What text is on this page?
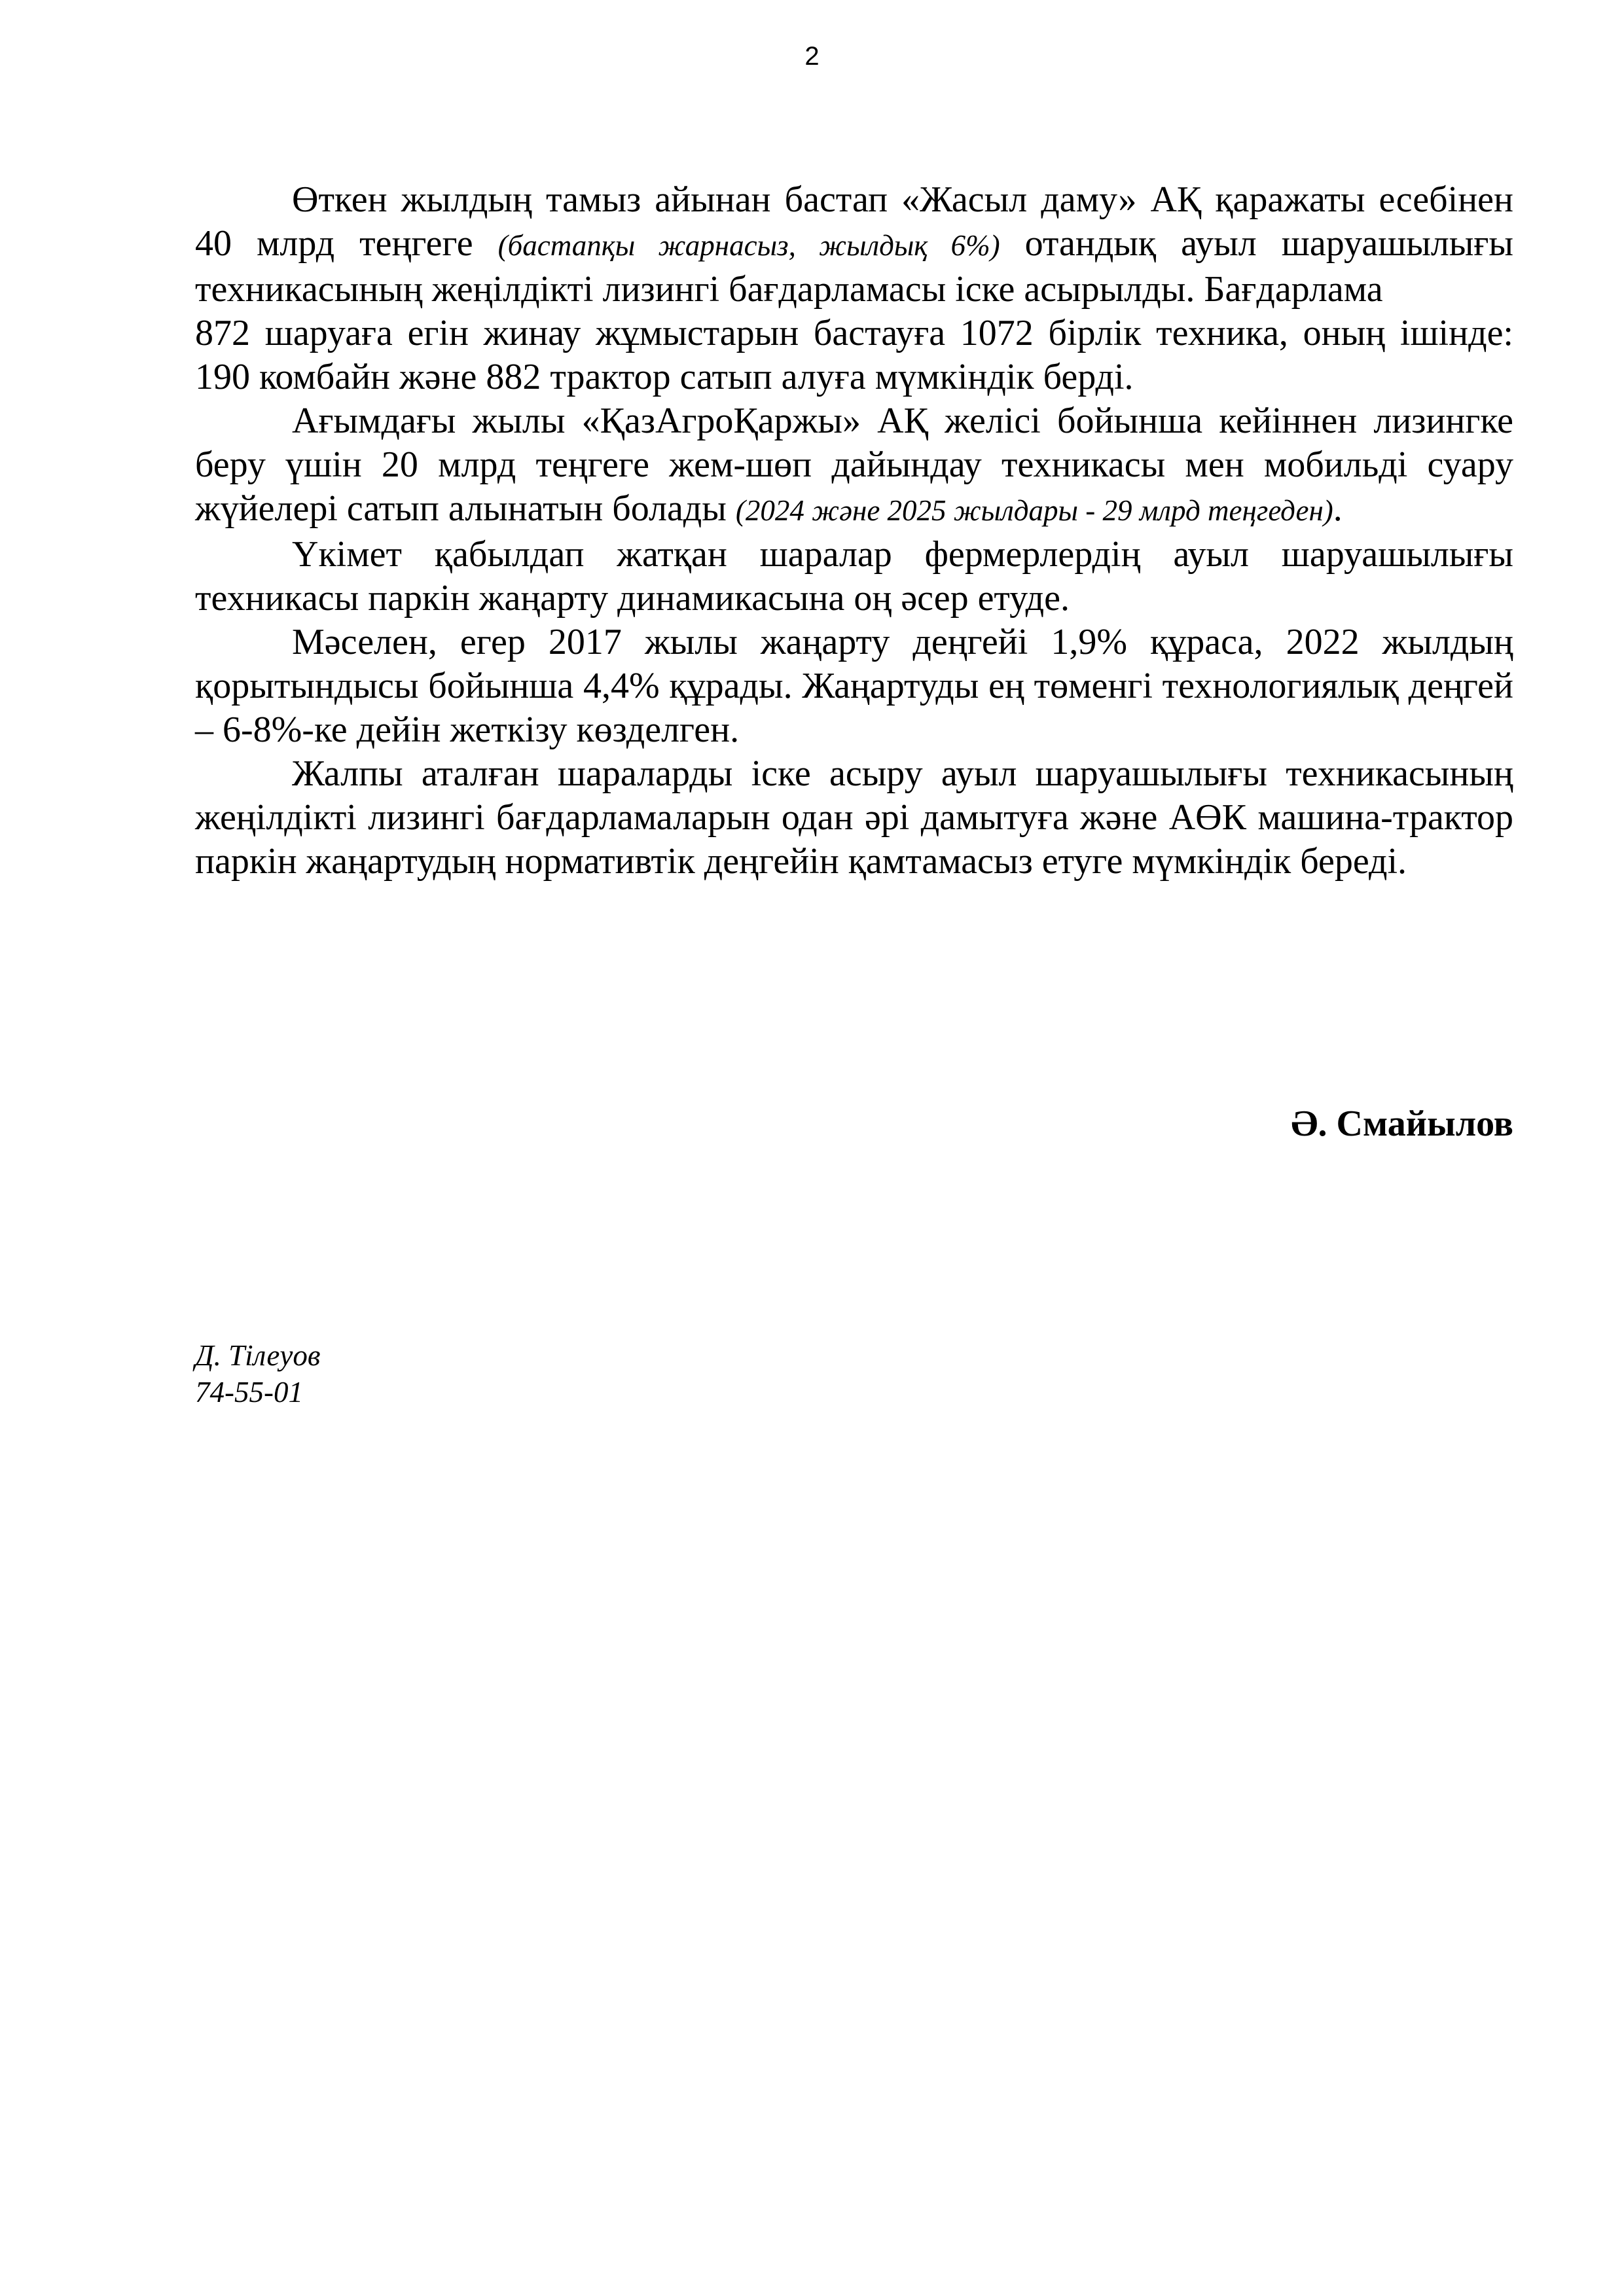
2

Өткен жылдың тамыз айынан бастап «Жасыл даму» АҚ қаражаты есебінен 40 млрд теңгеге (бастапқы жарнасыз, жылдық 6%) отандық ауыл шаруашылығы техникасының жеңілдікті лизингі бағдарламасы іске асырылды. Бағдарлама

872 шаруаға егін жинау жұмыстарын бастауға 1072 бірлік техника, оның ішінде: 190 комбайн және 882 трактор сатып алуға мүмкіндік берді.

Ағымдағы жылы «ҚазАгроҚаржы» АҚ желісі бойынша кейіннен лизингке беру үшін 20 млрд теңгеге жем-шөп дайындау техникасы мен мобильді суару жүйелері сатып алынатын болады (2024 және 2025 жылдары - 29 млрд теңгеден).

Үкімет қабылдап жатқан шаралар фермерлердің ауыл шаруашылығы техникасы паркін жаңарту динамикасына оң әсер етуде.

Мәселен, егер 2017 жылы жаңарту деңгейі 1,9% құраса, 2022 жылдың қорытындысы бойынша 4,4% құрады. Жаңартуды ең төменгі технологиялық деңгей – 6-8%-ке дейін жеткізу көзделген.

Жалпы аталған шараларды іске асыру ауыл шаруашылығы техникасының жеңілдікті лизингі бағдарламаларын одан әрі дамытуға және АӨК машина-трактор паркін жаңартудың нормативтік деңгейін қамтамасыз етуге мүмкіндік береді.

Ә. Смайылов
Д. Тілеуов
74-55-01
